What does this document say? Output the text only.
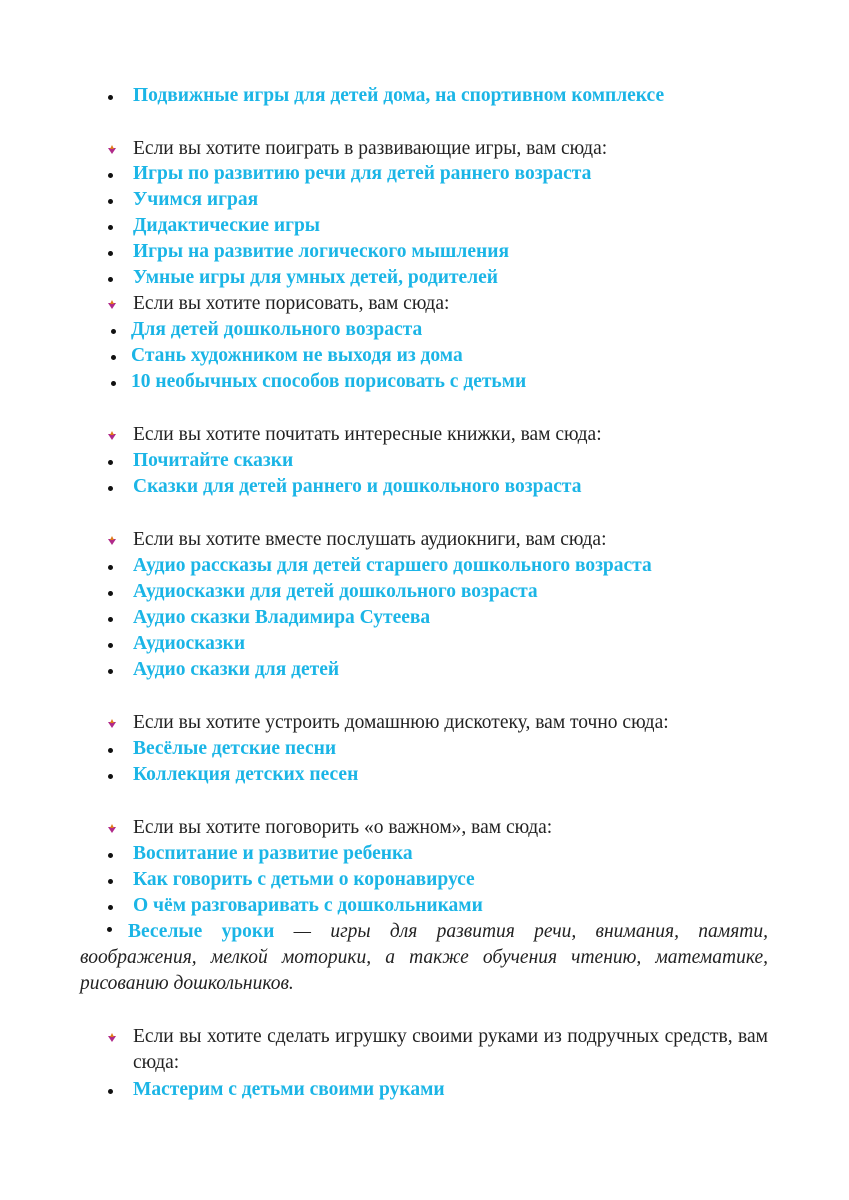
Подвижные игры для детей дома, на спортивном комплексе
Если вы хотите поиграть в развивающие игры, вам сюда:
Игры по развитию речи для детей раннего возраста
Учимся играя
Дидактические игры
Игры на развитие логического мышления
Умные игры для умных детей, родителей
Если вы хотите порисовать, вам сюда:
Для детей дошкольного возраста
Стань художником не выходя из дома
10 необычных способов порисовать с детьми
Если вы хотите почитать интересные книжки, вам сюда:
Почитайте сказки
Сказки для детей раннего и дошкольного возраста
Если вы хотите вместе послушать аудиокниги, вам сюда:
Аудио рассказы для детей старшего дошкольного возраста
Аудиосказки для детей дошкольного возраста
Аудио сказки Владимира Сутеева
Аудиосказки
Аудио сказки для детей
Если вы хотите устроить домашнюю дискотеку, вам точно сюда:
Весёлые детские песни
Коллекция детских песен
Если вы хотите поговорить «о важном», вам сюда:
Воспитание и развитие ребенка
Как говорить с детьми о коронавирусе
О чём разговаривать с дошкольниками
Веселые уроки — игры для развития речи, внимания, памяти, воображения, мелкой моторики, а также обучения чтению, математике, рисованию дошкольников.
Если вы хотите сделать игрушку своими руками из подручных средств, вам сюда:
Мастерим с детьми своими руками
